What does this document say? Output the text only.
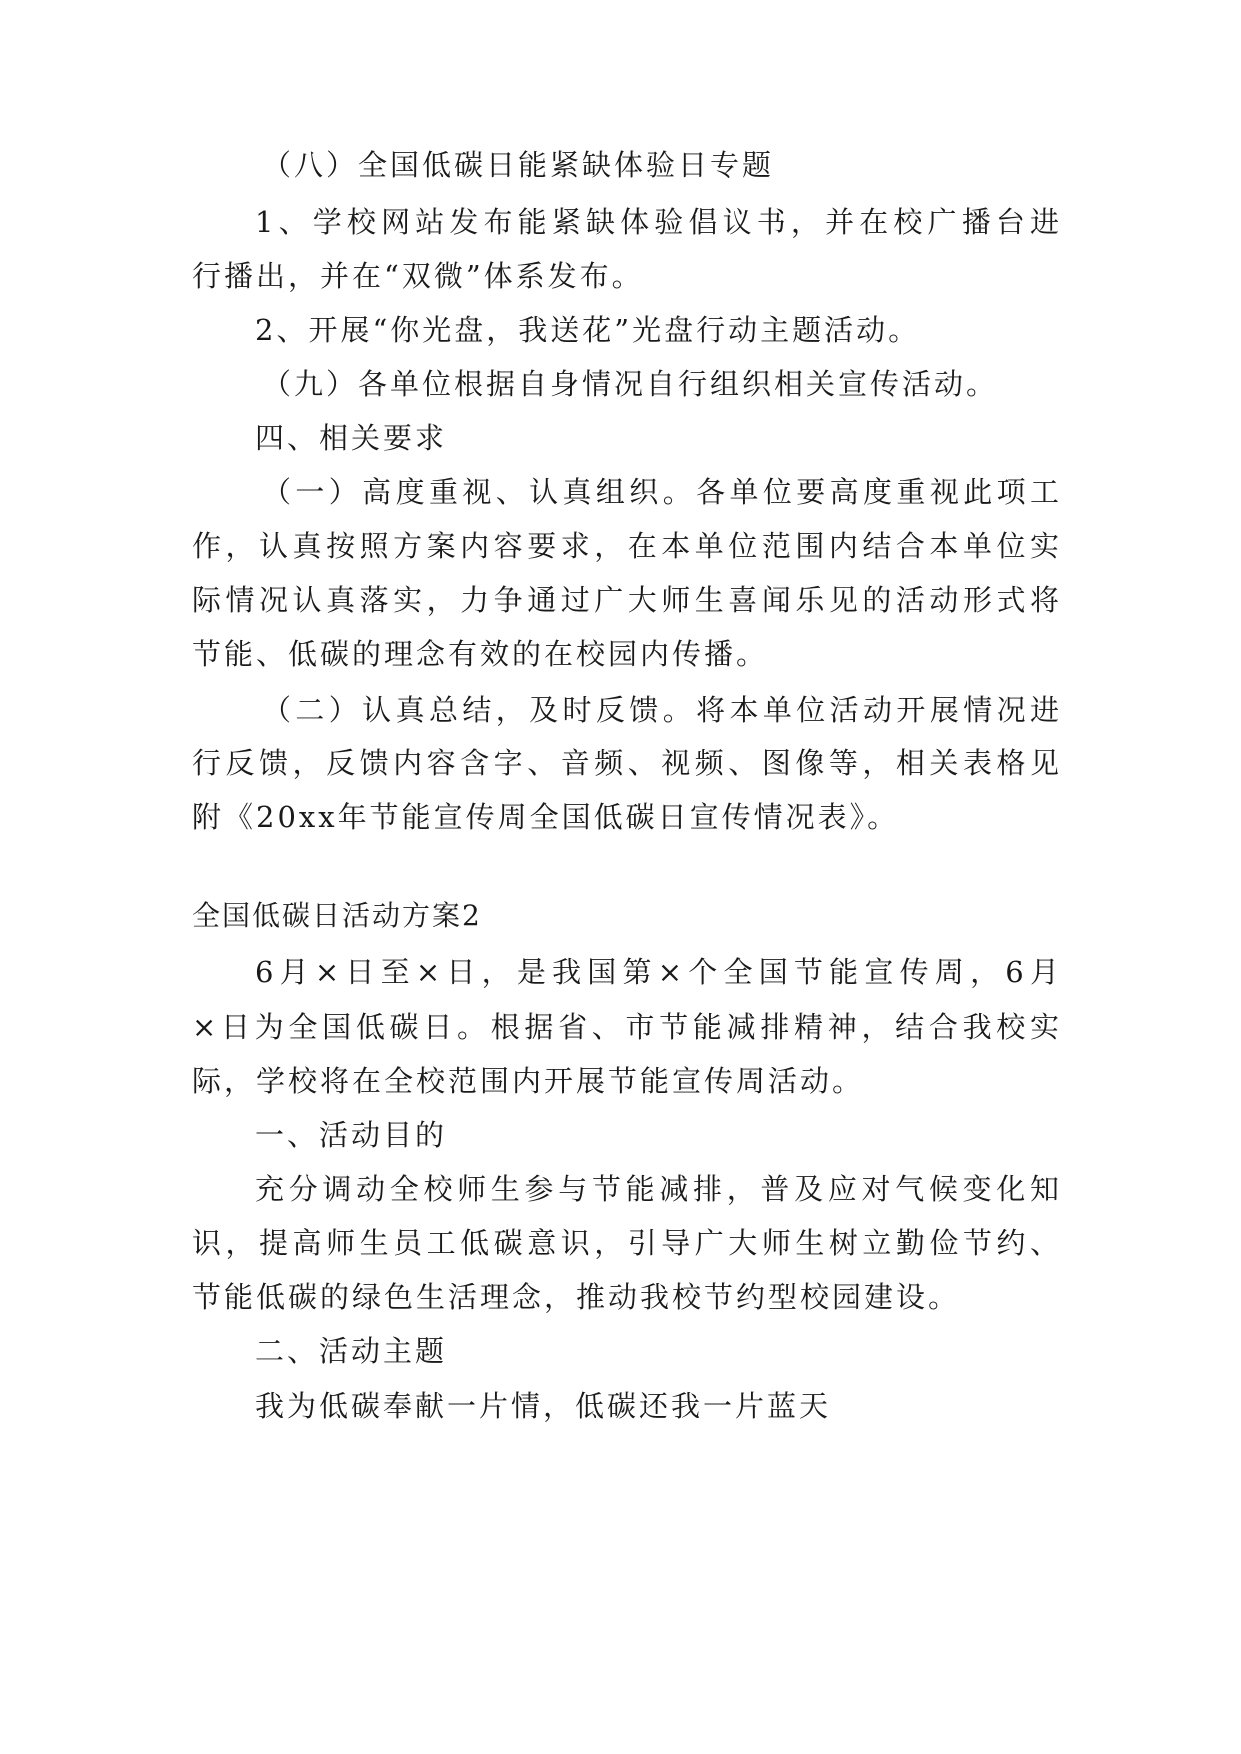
（八）全国低碳日能紧缺体验日专题
1、学校网站发布能紧缺体验倡议书，并在校广播台进
行播出，并在“双微”体系发布。
2、开展“你光盘，我送花”光盘行动主题活动。
（九）各单位根据自身情况自行组织相关宣传活动。
四、相关要求
（一）高度重视、认真组织。各单位要高度重视此项工
作，认真按照方案内容要求，在本单位范围内结合本单位实
际情况认真落实，力争通过广大师生喜闻乐见的活动形式将
节能、低碳的理念有效的在校园内传播。
（二）认真总结，及时反馈。将本单位活动开展情况进
行反馈，反馈内容含字、音频、视频、图像等，相关表格见
附《20xx年节能宣传周全国低碳日宣传情况表》。
全国低碳日活动方案2
6月×日至×日，是我国第×个全国节能宣传周，6月
×日为全国低碳日。根据省、市节能减排精神，结合我校实
际，学校将在全校范围内开展节能宣传周活动。
一、活动目的
充分调动全校师生参与节能减排，普及应对气候变化知
识，提高师生员工低碳意识，引导广大师生树立勤俭节约、
节能低碳的绿色生活理念，推动我校节约型校园建设。
二、活动主题
我为低碳奉献一片情，低碳还我一片蓝天
